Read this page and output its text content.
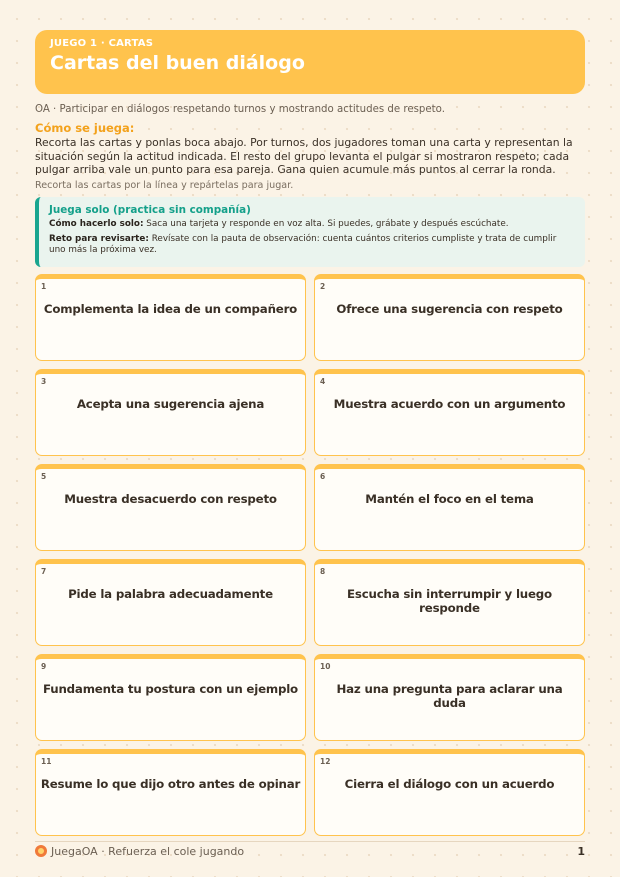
JUEGO 1 · CARTAS
Cartas del buen diálogo
OA · Participar en diálogos respetando turnos y mostrando actitudes de respeto.
Cómo se juega:
Recorta las cartas y ponlas boca abajo. Por turnos, dos jugadores toman una carta y representan la situación según la actitud indicada. El resto del grupo levanta el pulgar si mostraron respeto; cada pulgar arriba vale un punto para esa pareja. Gana quien acumule más puntos al cerrar la ronda.
Recorta las cartas por la línea y repártelas para jugar.
Juega solo (practica sin compañía)

Cómo hacerlo solo: Saca una tarjeta y responde en voz alta. Si puedes, grábate y después escúchate.

Reto para revisarte: Revísate con la pauta de observación: cuenta cuántos criterios cumpliste y trata de cumplir uno más la próxima vez.

1
Complementa la idea de un compañero
2
Ofrece una sugerencia con respeto
3
Acepta una sugerencia ajena
4
Muestra acuerdo con un argumento
5
Muestra desacuerdo con respeto
6
Mantén el foco en el tema
7
Pide la palabra adecuadamente
8
Escucha sin interrumpir y luego responde
9
Fundamenta tu postura con un ejemplo
10
Haz una pregunta para aclarar una duda
11
Resume lo que dijo otro antes de opinar
12
Cierra el diálogo con un acuerdo
JuegaOA · Refuerza el cole jugando	1
